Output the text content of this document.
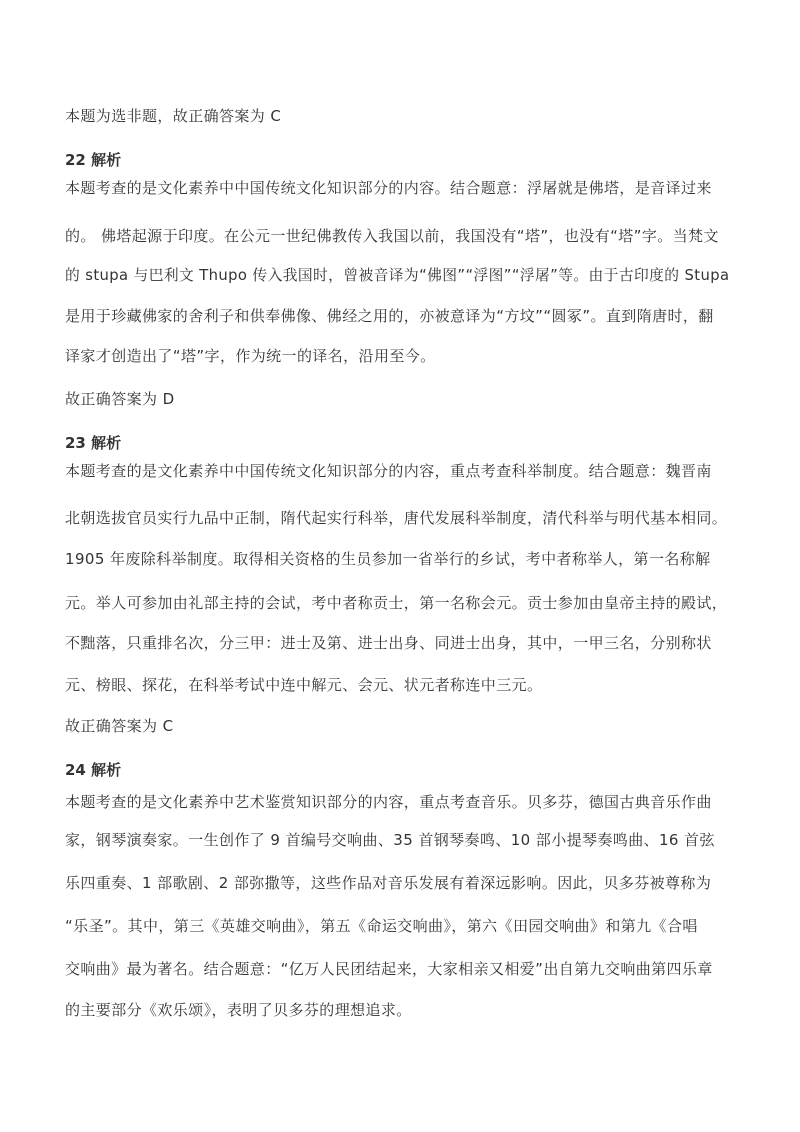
本题为选非题，故正确答案为 C

22 解析

本题考查的是文化素养中中国传统文化知识部分的内容。结合题意：浮屠就是佛塔，是音译过来

的。 佛塔起源于印度。在公元一世纪佛教传入我国以前，我国没有“塔”，也没有“塔”字。当梵文

的 stupa 与巴利文 Thupo 传入我国时，曾被音译为“佛图”“浮图”“浮屠”等。由于古印度的 Stupa

是用于珍藏佛家的舍利子和供奉佛像、佛经之用的，亦被意译为“方坟”“圆冢”。直到隋唐时，翻

译家才创造出了“塔”字，作为统一的译名，沿用至今。

故正确答案为 D

23 解析

本题考查的是文化素养中中国传统文化知识部分的内容，重点考查科举制度。结合题意：魏晋南

北朝选拔官员实行九品中正制，隋代起实行科举，唐代发展科举制度，清代科举与明代基本相同。

1905 年废除科举制度。取得相关资格的生员参加一省举行的乡试，考中者称举人，第一名称解

元。举人可参加由礼部主持的会试，考中者称贡士，第一名称会元。贡士参加由皇帝主持的殿试，

不黜落，只重排名次，分三甲：进士及第、进士出身、同进士出身，其中，一甲三名，分别称状

元、榜眼、探花，在科举考试中连中解元、会元、状元者称连中三元。

故正确答案为 C

24 解析

本题考查的是文化素养中艺术鉴赏知识部分的内容，重点考查音乐。贝多芬，德国古典音乐作曲

家，钢琴演奏家。一生创作了 9 首编号交响曲、35 首钢琴奏鸣、10 部小提琴奏鸣曲、16 首弦

乐四重奏、1 部歌剧、2 部弥撒等，这些作品对音乐发展有着深远影响。因此，贝多芬被尊称为

“乐圣”。其中，第三《英雄交响曲》，第五《命运交响曲》，第六《田园交响曲》和第九《合唱

交响曲》最为著名。结合题意：“亿万人民团结起来，大家相亲又相爱”出自第九交响曲第四乐章

的主要部分《欢乐颂》，表明了贝多芬的理想追求。
